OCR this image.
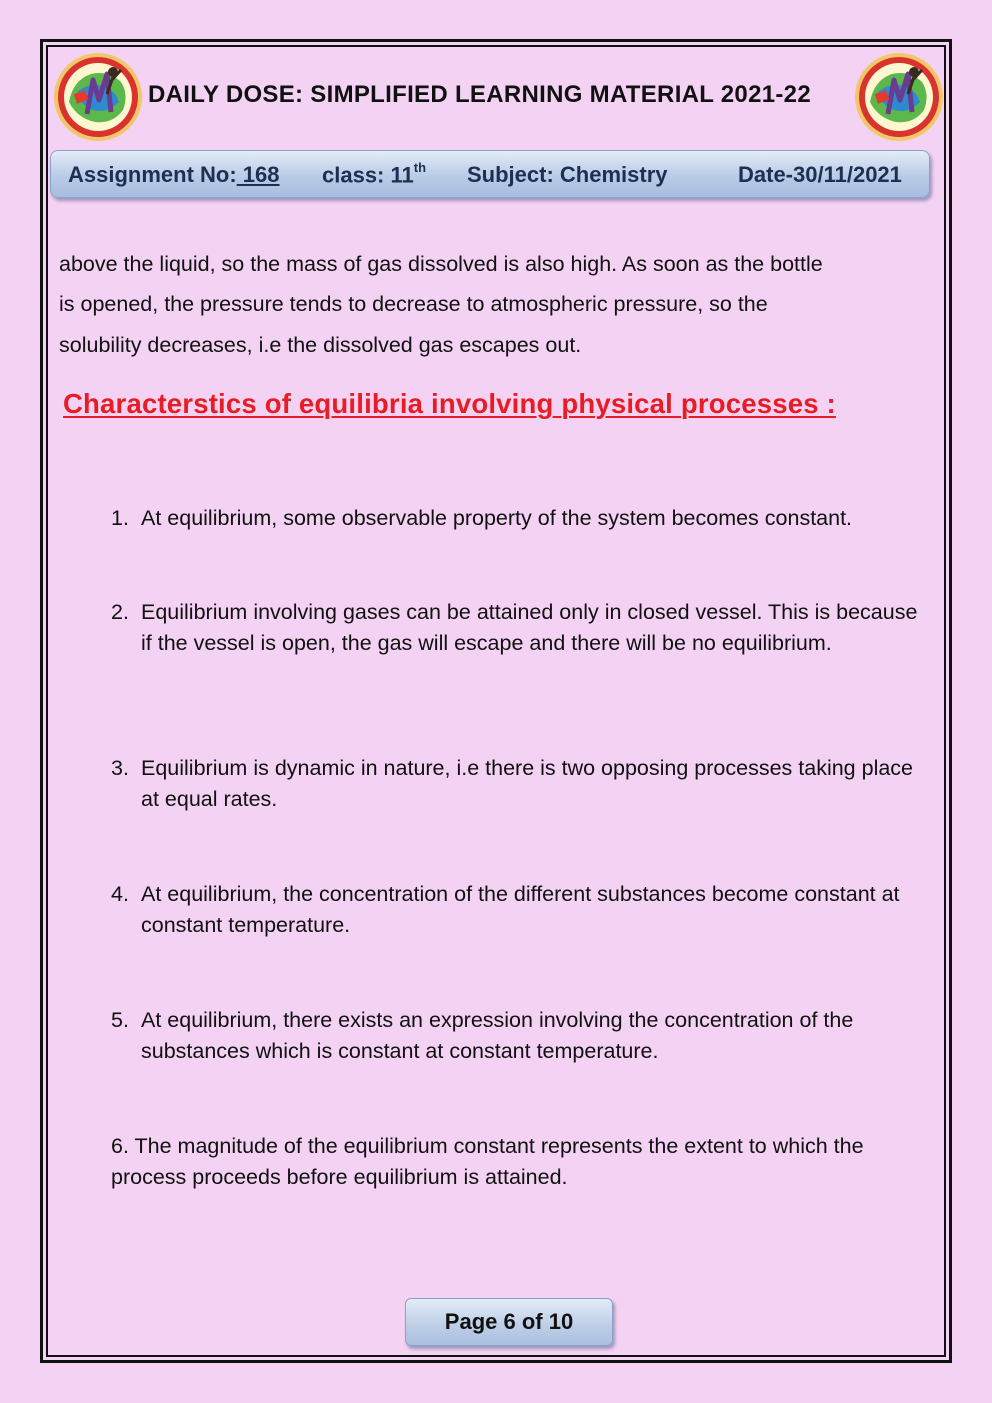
DAILY DOSE: SIMPLIFIED LEARNING MATERIAL 2021-22
Assignment No: 168 class: 11th Subject: Chemistry	Date-30/11/2021
above the liquid, so the mass of gas dissolved is also high. As soon as the bottle
is opened, the pressure tends to decrease to atmospheric pressure, so the
solubility decreases, i.e the dissolved gas escapes out.
Characterstics of equilibria involving physical processes :
1. At equilibrium, some observable property of the system becomes constant.
2. Equilibrium involving gases can be attained only in closed vessel. This is because if the vessel is open, the gas will escape and there will be no equilibrium.
3. Equilibrium is dynamic in nature, i.e there is two opposing processes taking place at equal rates.
4. At equilibrium, the concentration of the different substances become constant at constant temperature.
5. At equilibrium, there exists an expression involving the concentration of the substances which is constant at constant temperature.
6. The magnitude of the equilibrium constant represents the extent to which the process proceeds before equilibrium is attained.
Page 6 of 10
